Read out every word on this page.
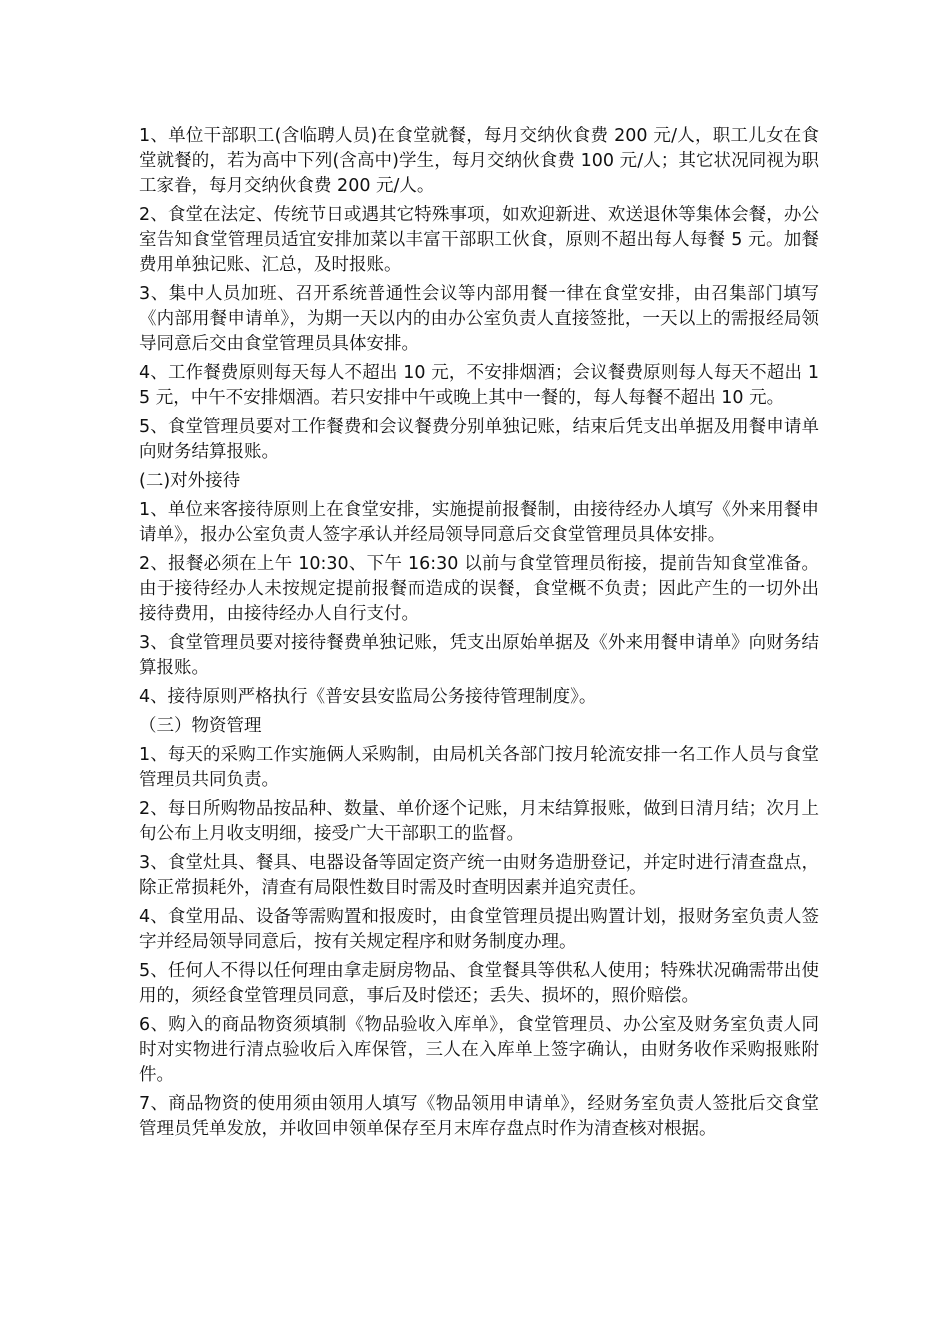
1、单位干部职工(含临聘人员)在食堂就餐，每月交纳伙食费 200 元/人，职工儿女在食堂就餐的，若为高中下列(含高中)学生，每月交纳伙食费 100 元/人；其它状况同视为职工家眷，每月交纳伙食费 200 元/人。

2、食堂在法定、传统节日或遇其它特殊事项，如欢迎新进、欢送退休等集体会餐，办公室告知食堂管理员适宜安排加菜以丰富干部职工伙食，原则不超出每人每餐 5 元。加餐费用单独记账、汇总，及时报账。

3、集中人员加班、召开系统普通性会议等内部用餐一律在食堂安排，由召集部门填写《内部用餐申请单》，为期一天以内的由办公室负责人直接签批，一天以上的需报经局领导同意后交由食堂管理员具体安排。

4、工作餐费原则每天每人不超出 10 元，不安排烟酒；会议餐费原则每人每天不超出 15 元，中午不安排烟酒。若只安排中午或晚上其中一餐的，每人每餐不超出 10 元。

5、食堂管理员要对工作餐费和会议餐费分别单独记账，结束后凭支出单据及用餐申请单向财务结算报账。

(二)对外接待

1、单位来客接待原则上在食堂安排，实施提前报餐制，由接待经办人填写《外来用餐申请单》，报办公室负责人签字承认并经局领导同意后交食堂管理员具体安排。

2、报餐必须在上午 10:30、下午 16:30 以前与食堂管理员衔接，提前告知食堂准备。由于接待经办人未按规定提前报餐而造成的误餐，食堂概不负责；因此产生的一切外出接待费用，由接待经办人自行支付。

3、食堂管理员要对接待餐费单独记账，凭支出原始单据及《外来用餐申请单》向财务结算报账。

4、接待原则严格执行《普安县安监局公务接待管理制度》。

（三）物资管理

1、每天的采购工作实施俩人采购制，由局机关各部门按月轮流安排一名工作人员与食堂管理员共同负责。

2、每日所购物品按品种、数量、单价逐个记账，月末结算报账，做到日清月结；次月上旬公布上月收支明细，接受广大干部职工的监督。

3、食堂灶具、餐具、电器设备等固定资产统一由财务造册登记，并定时进行清查盘点，除正常损耗外，清查有局限性数目时需及时查明因素并追究责任。

4、食堂用品、设备等需购置和报废时，由食堂管理员提出购置计划，报财务室负责人签字并经局领导同意后，按有关规定程序和财务制度办理。

5、任何人不得以任何理由拿走厨房物品、食堂餐具等供私人使用；特殊状况确需带出使用的，须经食堂管理员同意，事后及时偿还；丢失、损坏的，照价赔偿。

6、购入的商品物资须填制《物品验收入库单》，食堂管理员、办公室及财务室负责人同时对实物进行清点验收后入库保管，三人在入库单上签字确认，由财务收作采购报账附件。

7、商品物资的使用须由领用人填写《物品领用申请单》，经财务室负责人签批后交食堂管理员凭单发放，并收回申领单保存至月末库存盘点时作为清查核对根据。
